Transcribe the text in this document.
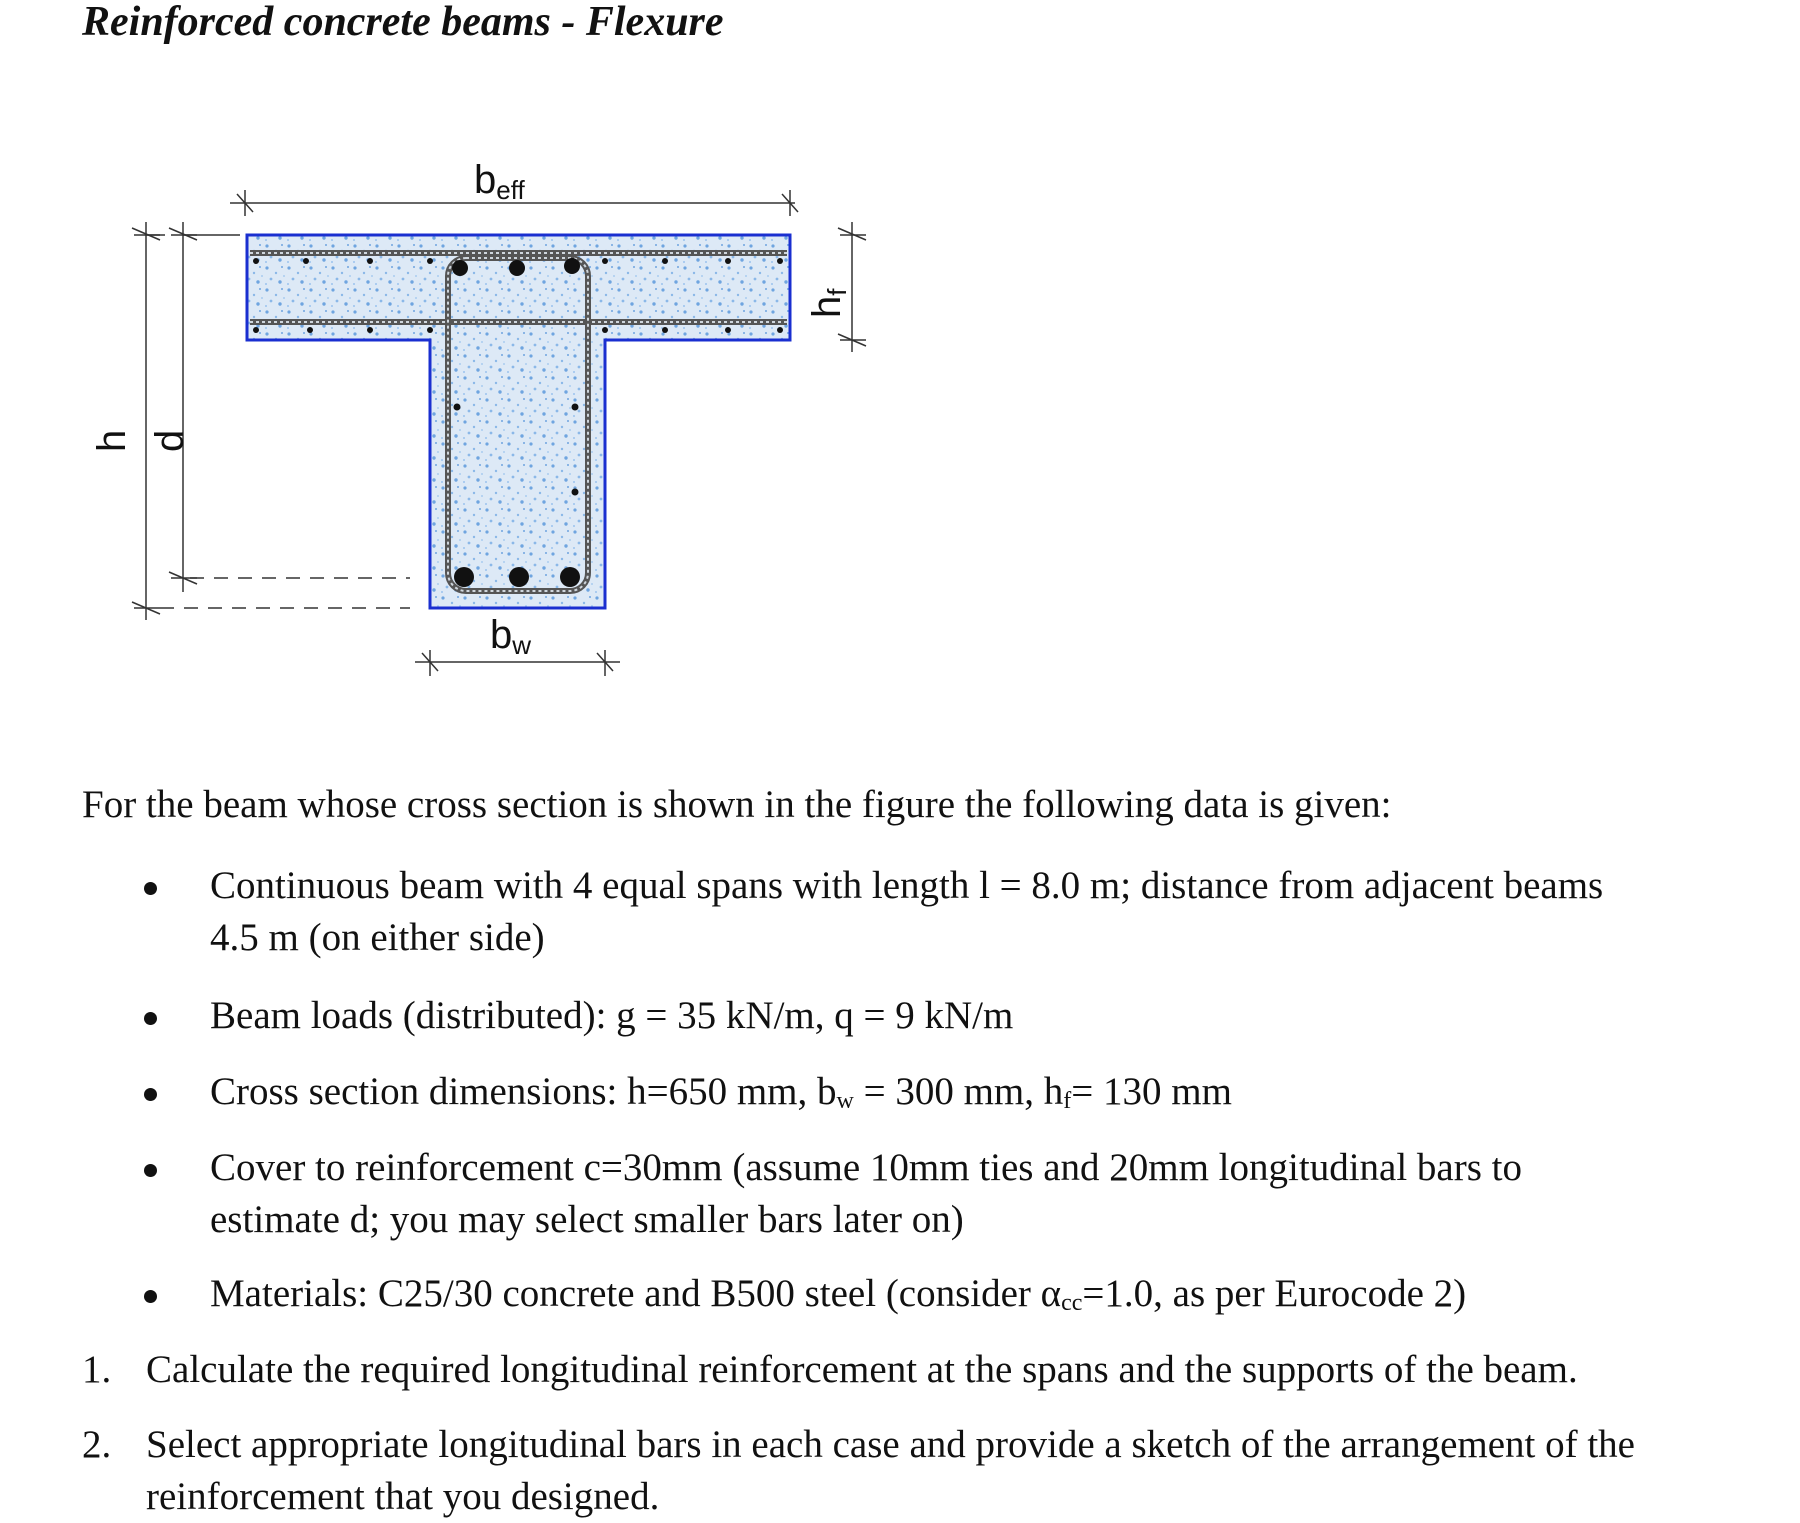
Reinforced concrete beams - Flexure
beff
bw
hf
h d
For the beam whose cross section is shown in the figure the following data is given:
Continuous beam with 4 equal spans with length l = 8.0 m; distance from adjacent beams
4.5 m (on either side)
Beam loads (distributed): g = 35 kN/m, q = 9 kN/m
Cross section dimensions: h=650 mm, $b_w = 300$ mm, $h_f= 130$ mm
Cover to reinforcement c=30mm (assume 10mm ties and 20mm longitudinal bars to
estimate d; you may select smaller bars later on)
Materials: C25/30 concrete and B500 steel (consider $\alpha_{cc}=1.0$, as per Eurocode 2)
1. Calculate the required longitudinal reinforcement at the spans and the supports of the beam.
2. Select appropriate longitudinal bars in each case and provide a sketch of the arrangement of the
reinforcement that you designed.
